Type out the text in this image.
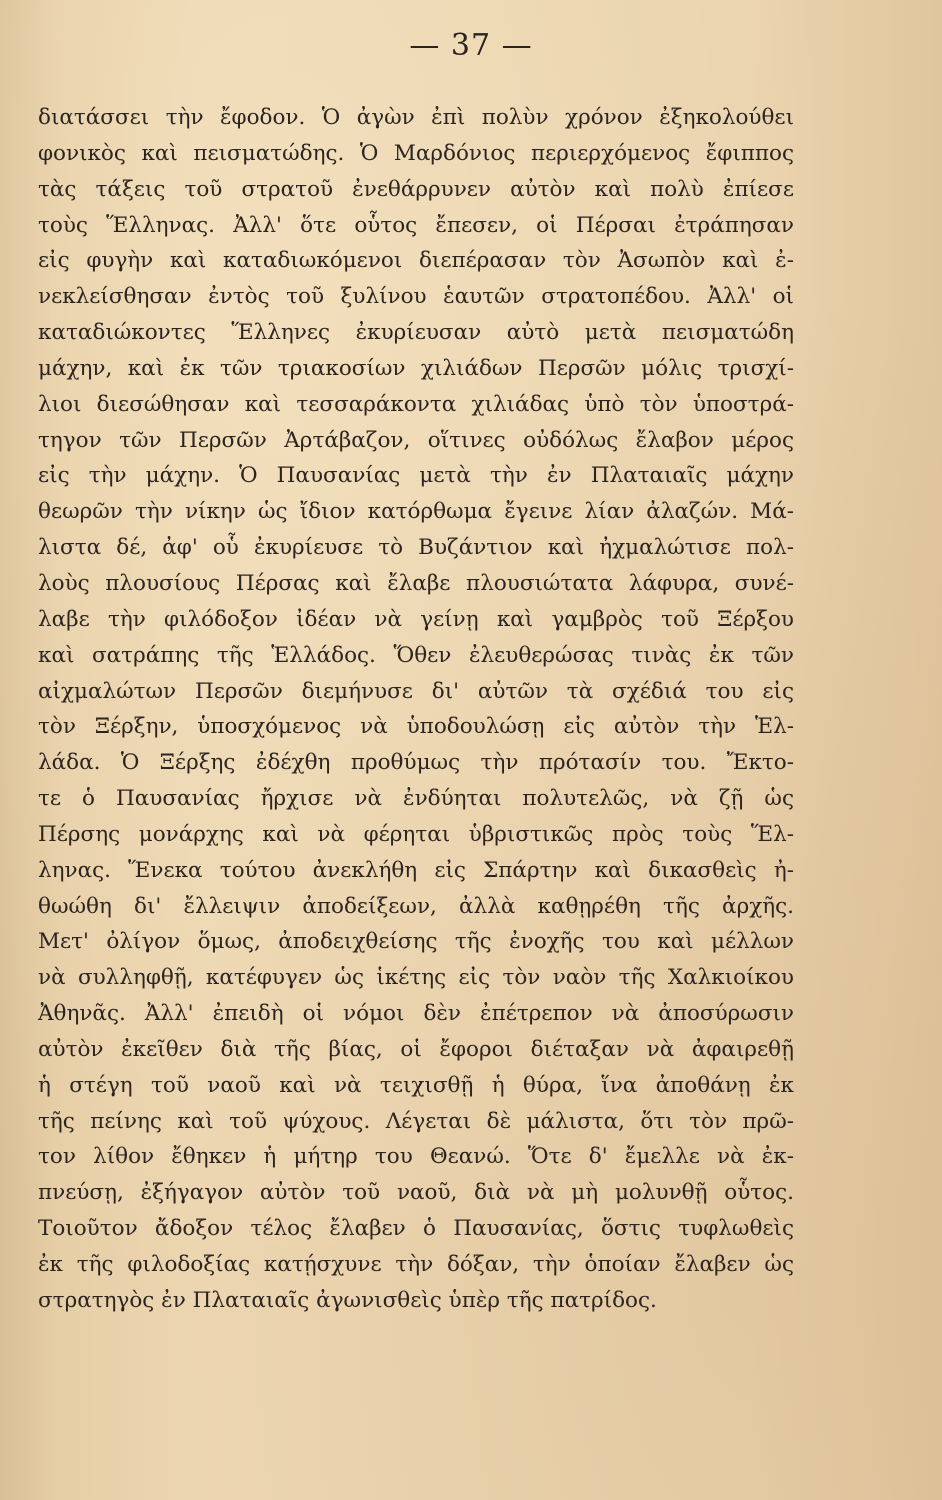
— 37 —
διατάσσει τὴν ἔφοδον. Ὁ ἀγὼν ἐπὶ πολὺν χρόνον ἐξηκολούθει
φονικὸς καὶ πεισματώδης. Ὁ Μαρδόνιος περιερχόμενος ἔφιππος
τὰς τάξεις τοῦ στρατοῦ ἐνεθάρρυνεν αὐτὸν καὶ πολὺ ἐπίεσε
τοὺς Ἕλληνας. Ἀλλ' ὅτε οὗτος ἔπεσεν, οἱ Πέρσαι ἐτράπησαν
εἰς φυγὴν καὶ καταδιωκόμενοι διεπέρασαν τὸν Ἀσωπὸν καὶ ἐ-
νεκλείσθησαν ἐντὸς τοῦ ξυλίνου ἑαυτῶν στρατοπέδου. Ἀλλ' οἱ
καταδιώκοντες Ἕλληνες ἐκυρίευσαν αὐτὸ μετὰ πεισματώδη
μάχην, καὶ ἐκ τῶν τριακοσίων χιλιάδων Περσῶν μόλις τρισχί-
λιοι διεσώθησαν καὶ τεσσαράκοντα χιλιάδας ὑπὸ τὸν ὑποστρά-
τηγον τῶν Περσῶν Ἀρτάβαζον, οἵτινες οὐδόλως ἔλαβον μέρος
εἰς τὴν μάχην. Ὁ Παυσανίας μετὰ τὴν ἐν Πλαταιαῖς μάχην
θεωρῶν τὴν νίκην ὡς ἴδιον κατόρθωμα ἔγεινε λίαν ἀλαζών. Μά-
λιστα δέ, ἀφ' οὗ ἐκυρίευσε τὸ Βυζάντιον καὶ ἠχμαλώτισε πολ-
λοὺς πλουσίους Πέρσας καὶ ἔλαβε πλουσιώτατα λάφυρα, συνέ-
λαβε τὴν φιλόδοξον ἰδέαν νὰ γείνῃ καὶ γαμβρὸς τοῦ Ξέρξου
καὶ σατράπης τῆς Ἑλλάδος. Ὅθεν ἐλευθερώσας τινὰς ἐκ τῶν
αἰχμαλώτων Περσῶν διεμήνυσε δι' αὐτῶν τὰ σχέδιά του εἰς
τὸν Ξέρξην, ὑποσχόμενος νὰ ὑποδουλώσῃ εἰς αὐτὸν τὴν Ἑλ-
λάδα. Ὁ Ξέρξης ἐδέχθη προθύμως τὴν πρότασίν του. Ἔκτο-
τε ὁ Παυσανίας ἤρχισε νὰ ἐνδύηται πολυτελῶς, νὰ ζῇ ὡς
Πέρσης μονάρχης καὶ νὰ φέρηται ὑβριστικῶς πρὸς τοὺς Ἕλ-
ληνας. Ἕνεκα τούτου ἀνεκλήθη εἰς Σπάρτην καὶ δικασθεὶς ἠ-
θωώθη δι' ἔλλειψιν ἀποδείξεων, ἀλλὰ καθῃρέθη τῆς ἀρχῆς.
Μετ' ὀλίγον ὅμως, ἀποδειχθείσης τῆς ἐνοχῆς του καὶ μέλλων
νὰ συλληφθῇ, κατέφυγεν ὡς ἱκέτης εἰς τὸν ναὸν τῆς Χαλκιοίκου
Ἀθηνᾶς. Ἀλλ' ἐπειδὴ οἱ νόμοι δὲν ἐπέτρεπον νὰ ἀποσύρωσιν
αὐτὸν ἐκεῖθεν διὰ τῆς βίας, οἱ ἔφοροι διέταξαν νὰ ἀφαιρεθῇ
ἡ στέγη τοῦ ναοῦ καὶ νὰ τειχισθῇ ἡ θύρα, ἵνα ἀποθάνῃ ἐκ
τῆς πείνης καὶ τοῦ ψύχους. Λέγεται δὲ μάλιστα, ὅτι τὸν πρῶ-
τον λίθον ἔθηκεν ἡ μήτηρ του Θεανώ. Ὅτε δ' ἔμελλε νὰ ἐκ-
πνεύσῃ, ἐξήγαγον αὐτὸν τοῦ ναοῦ, διὰ νὰ μὴ μολυνθῇ οὗτος.
Τοιοῦτον ἄδοξον τέλος ἔλαβεν ὁ Παυσανίας, ὅστις τυφλωθεὶς
ἐκ τῆς φιλοδοξίας κατῄσχυνε τὴν δόξαν, τὴν ὁποίαν ἔλαβεν ὡς
στρατηγὸς ἐν Πλαταιαῖς ἀγωνισθεὶς ὑπὲρ τῆς πατρίδος.
